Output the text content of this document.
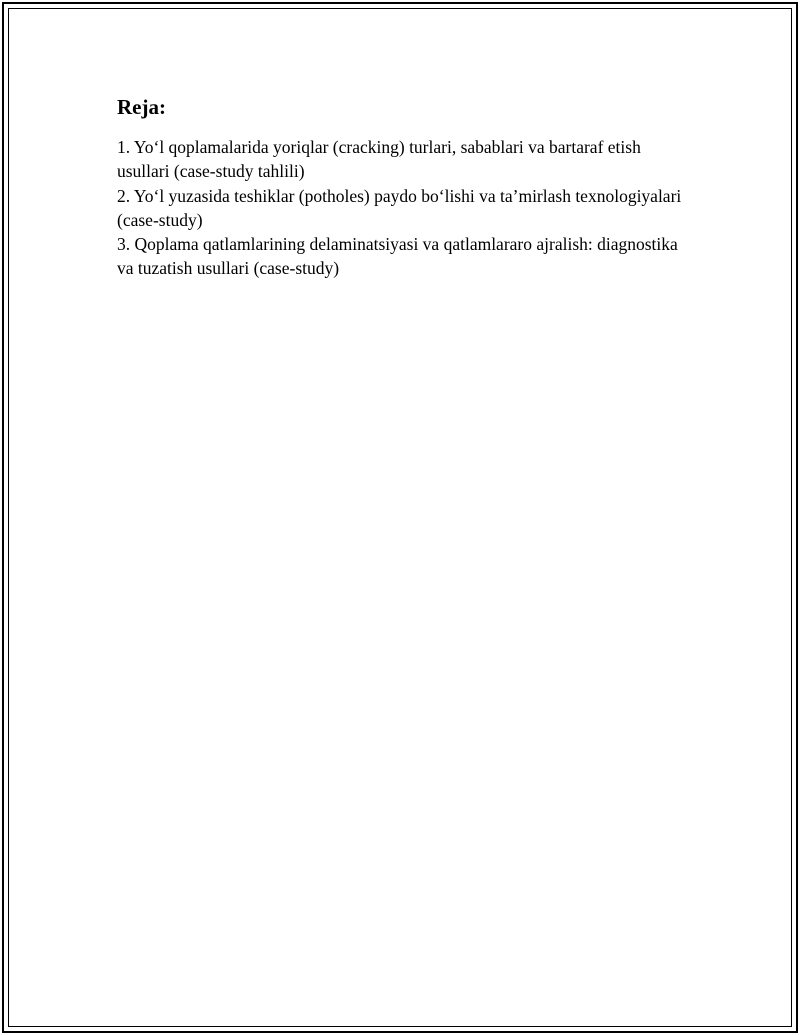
Reja:
1. Yoʻl qoplamalarida yoriqlar (cracking) turlari, sabablari va bartaraf etish usullari (case-study tahlili)
2. Yoʻl yuzasida teshiklar (potholes) paydo boʻlishi va taʼmirlash texnologiyalari (case-study)
3. Qoplama qatlamlarining delaminatsiyasi va qatlamlararo ajralish: diagnostika va tuzatish usullari (case-study)
